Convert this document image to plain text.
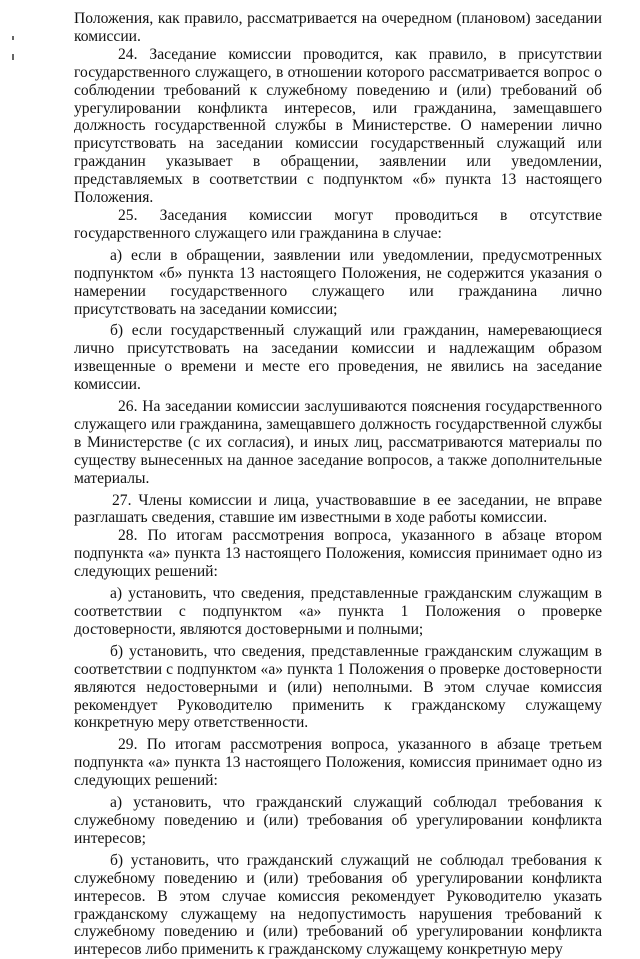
Положения, как правило, рассматривается на очередном (плановом) заседании комиссии.

24. Заседание комиссии проводится, как правило, в присутствии государственного служащего, в отношении которого рассматривается вопрос о соблюдении требований к служебному поведению и (или) требований об урегулировании конфликта интересов, или гражданина, замещавшего должность государственной службы в Министерстве. О намерении лично присутствовать на заседании комиссии государственный служащий или гражданин указывает в обращении, заявлении или уведомлении, представляемых в соответствии с подпунктом «б» пункта 13 настоящего Положения.

25. Заседания комиссии могут проводиться в отсутствие государственного служащего или гражданина в случае:

а) если в обращении, заявлении или уведомлении, предусмотренных подпунктом «б» пункта 13 настоящего Положения, не содержится указания о намерении государственного служащего или гражданина лично присутствовать на заседании комиссии;

б) если государственный служащий или гражданин, намеревающиеся лично присутствовать на заседании комиссии и надлежащим образом извещенные о времени и месте его проведения, не явились на заседание комиссии.

26. На заседании комиссии заслушиваются пояснения государственного служащего или гражданина, замещавшего должность государственной службы в Министерстве (с их согласия), и иных лиц, рассматриваются материалы по существу вынесенных на данное заседание вопросов, а также дополнительные материалы.

27. Члены комиссии и лица, участвовавшие в ее заседании, не вправе разглашать сведения, ставшие им известными в ходе работы комиссии.

28. По итогам рассмотрения вопроса, указанного в абзаце втором подпункта «а» пункта 13 настоящего Положения, комиссия принимает одно из следующих решений:

а) установить, что сведения, представленные гражданским служащим в соответствии с подпунктом «а» пункта 1 Положения о проверке достоверности, являются достоверными и полными;

б) установить, что сведения, представленные гражданским служащим в соответствии с подпунктом «а» пункта 1 Положения о проверке достоверности являются недостоверными и (или) неполными. В этом случае комиссия рекомендует Руководителю применить к гражданскому служащему конкретную меру ответственности.

29. По итогам рассмотрения вопроса, указанного в абзаце третьем подпункта «а» пункта 13 настоящего Положения, комиссия принимает одно из следующих решений:

а) установить, что гражданский служащий соблюдал требования к служебному поведению и (или) требования об урегулировании конфликта интересов;

б) установить, что гражданский служащий не соблюдал требования к служебному поведению и (или) требования об урегулировании конфликта интересов. В этом случае комиссия рекомендует Руководителю указать гражданскому служащему на недопустимость нарушения требований к служебному поведению и (или) требований об урегулировании конфликта интересов либо применить к гражданскому служащему конкретную меру
